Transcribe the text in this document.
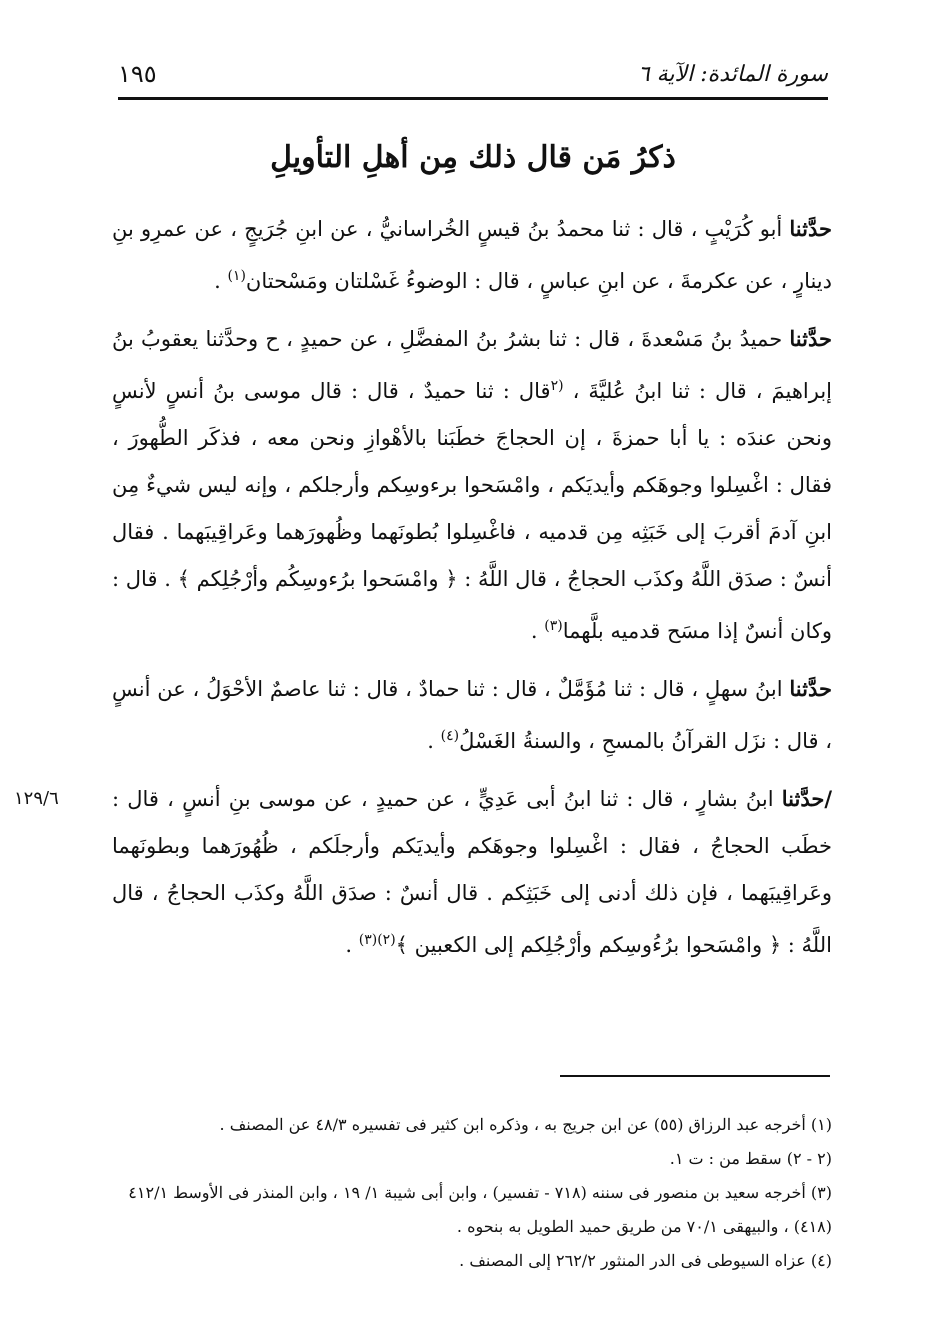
١٩٥	سورة المائدة: الآية ٦
ذكرُ مَن قال ذلك مِن أهلِ التأويلِ

حدَّثنا أبو كُرَيْبٍ ، قال : ثنا محمدُ بنُ قيسٍ الخُراسانيُّ ، عن ابنِ جُرَيجٍ ، عن عمرِو بنِ دينارٍ ، عن عكرمةَ ، عن ابنِ عباسٍ ، قال : الوضوءُ غَسْلتان ومَسْحتان$^{(١)}$ .

حدَّثنا حميدُ بنُ مَسْعدةَ ، قال : ثنا بشرُ بنُ المفضَّلِ ، عن حميدٍ ، ح وحدَّثنا يعقوبُ بنُ إبراهيمَ ، قال : ثنا ابنُ عُليَّةَ ، $^{(٢}$قال : ثنا حميدٌ ، قال : قال موسى بنُ أنسٍ لأنسٍ ونحن عندَه : يا أبا حمزةَ ، إن الحجاجَ خطَبَنا بالأهْوازِ ونحن معه ، فذكَر الطُّهورَ ، فقال : اغْسِلوا وجوهَكم وأيديَكم ، وامْسَحوا برءوسِكم وأرجلكم ، وإنه ليس شيءٌ مِن ابنِ آدمَ أقربَ إلى خَبَثِه مِن قدميه ، فاغْسِلوا بُطونَهما وظُهورَهما وعَراقِيبَهما . فقال أنسٌ : صدَق اللَّهُ وكذَب الحجاجُ ، قال اللَّهُ : ﴿ وامْسَحوا برُءوسِكُم وأرْجُلِكم ﴾ . قال : وكان أنسٌ إذا مسَح قدميه بلَّهما$^{(٣)}$ .

حدَّثنا ابنُ سهلٍ ، قال : ثنا مُؤَمَّلٌ ، قال : ثنا حمادٌ ، قال : ثنا عاصمٌ الأحْوَلُ ، عن أنسٍ ، قال : نزَل القرآنُ بالمسحِ ، والسنةُ الغَسْلُ$^{(٤)}$ .

١٢٩/٦	/حدَّثنا ابنُ بشارٍ ، قال : ثنا ابنُ أبى عَدِيٍّ ، عن حميدٍ ، عن موسى بنِ أنسٍ ، قال : خطَب الحجاجُ ، فقال : اغْسِلوا وجوهَكم وأيديَكم وأرجلَكم ، ظُهُورَهما وبطونَهما وعَراقِيبَهما ، فإن ذلك أدنى إلى خَبَثِكم . قال أنسٌ : صدَق اللَّهُ وكذَب الحجاجُ ، قال اللَّهُ : ﴿ وامْسَحوا برُءُوسِكم وأرْجُلِكم إلى الكعبين ﴾$^{(٢)(٣)}$ .

(١) أخرجه عبد الرزاق (٥٥) عن ابن جريج به ، وذكره ابن كثير فى تفسيره ٤٨/٣ عن المصنف .

(٢ - ٢) سقط من : ت ١.

(٣) أخرجه سعيد بن منصور فى سننه (٧١٨ - تفسير) ، وابن أبى شيبة ١/ ١٩ ، وابن المنذر فى الأوسط ٤١٢/١

(٤١٨) ، والبيهقى ٧٠/١ من طريق حميد الطويل به بنحوه .

(٤) عزاه السيوطى فى الدر المنثور ٢٦٢/٢ إلى المصنف .
